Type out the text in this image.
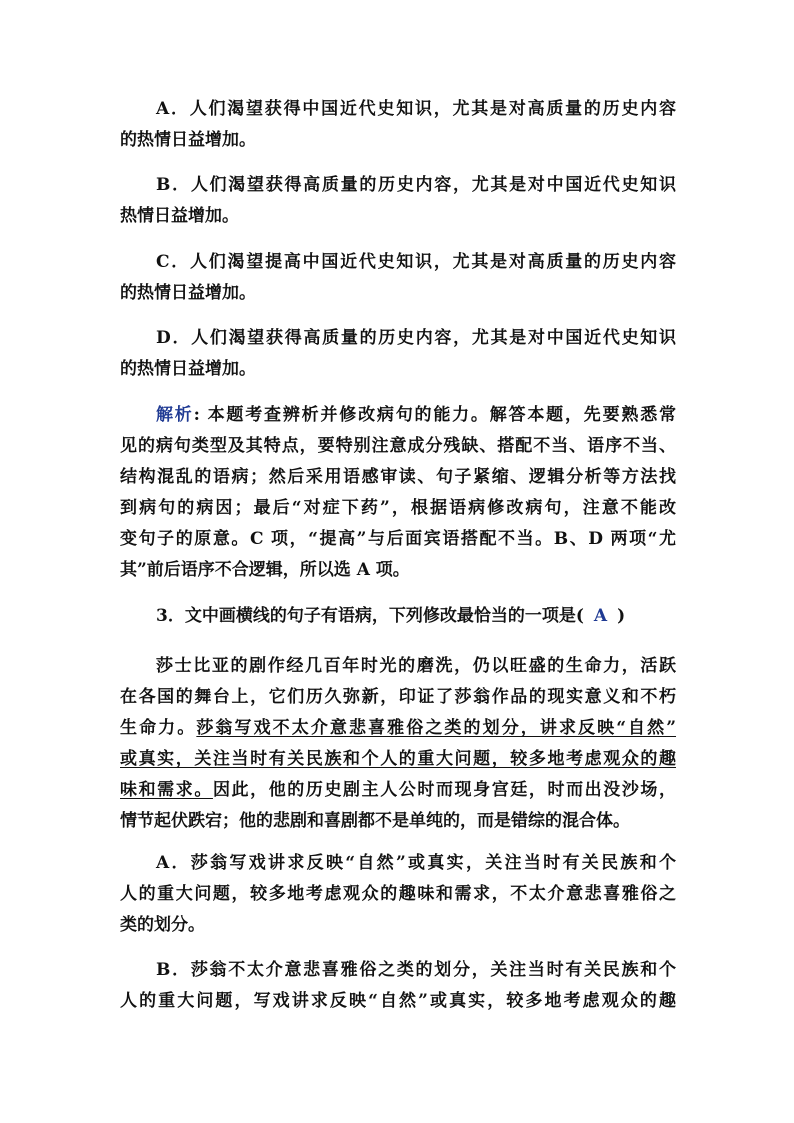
A．人们渴望获得中国近代史知识，尤其是对高质量的历史内容
的热情日益增加。

B．人们渴望获得高质量的历史内容，尤其是对中国近代史知识
热情日益增加。

C．人们渴望提高中国近代史知识，尤其是对高质量的历史内容
的热情日益增加。

D．人们渴望获得高质量的历史内容，尤其是对中国近代史知识
的热情日益增加。

解析: 本题考查辨析并修改病句的能力。解答本题，先要熟悉常
见的病句类型及其特点，要特别注意成分残缺、搭配不当、语序不当、
结构混乱的语病；然后采用语感审读、句子紧缩、逻辑分析等方法找
到病句的病因；最后“对症下药”，根据语病修改病句，注意不能改
变句子的原意。C 项，“提高”与后面宾语搭配不当。B、D 两项“尤
其”前后语序不合逻辑，所以选 A 项。

3．文中画横线的句子有语病，下列修改最恰当的一项是( A )

莎士比亚的剧作经几百年时光的磨洗，仍以旺盛的生命力，活跃
在各国的舞台上，它们历久弥新，印证了莎翁作品的现实意义和不朽
生命力。莎翁写戏不太介意悲喜雅俗之类的划分，讲求反映“自然”
或真实，关注当时有关民族和个人的重大问题，较多地考虑观众的趣
味和需求。因此，他的历史剧主人公时而现身宫廷，时而出没沙场，
情节起伏跌宕；他的悲剧和喜剧都不是单纯的，而是错综的混合体。

A．莎翁写戏讲求反映“自然”或真实，关注当时有关民族和个
人的重大问题，较多地考虑观众的趣味和需求，不太介意悲喜雅俗之
类的划分。

B．莎翁不太介意悲喜雅俗之类的划分，关注当时有关民族和个
人的重大问题，写戏讲求反映“自然”或真实，较多地考虑观众的趣
